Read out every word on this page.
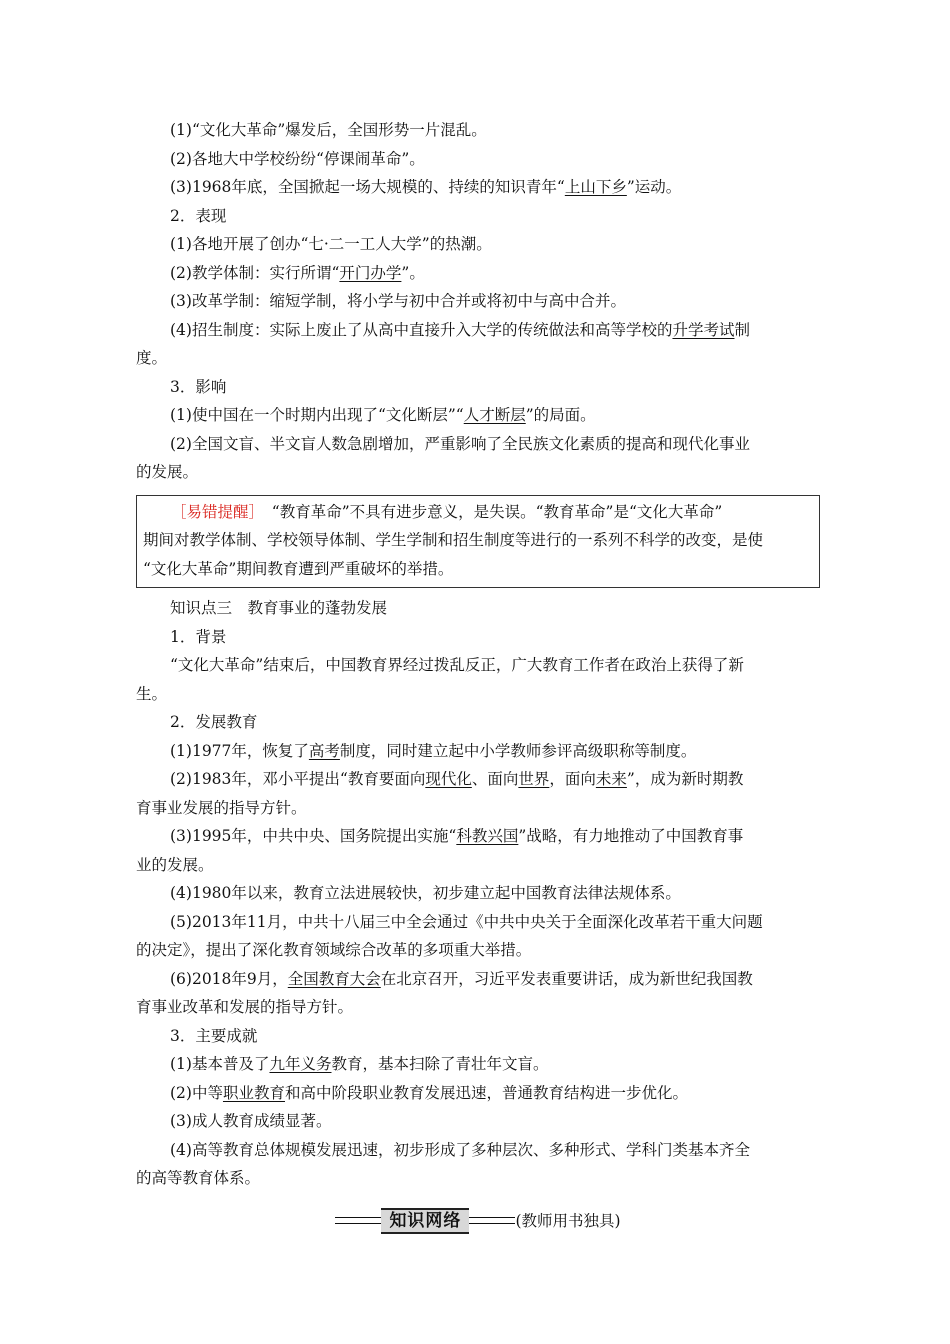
(1)“文化大革命”爆发后，全国形势一片混乱。
(2)各地大中学校纷纷“停课闹革命”。
(3)1968年底，全国掀起一场大规模的、持续的知识青年“上山下乡”运动。
2．表现
(1)各地开展了创办“七·二一工人大学”的热潮。
(2)教学体制：实行所谓“开门办学”。
(3)改革学制：缩短学制，将小学与初中合并或将初中与高中合并。
(4)招生制度：实际上废止了从高中直接升入大学的传统做法和高等学校的升学考试制
度。
3．影响
(1)使中国在一个时期内出现了“文化断层”“人才断层”的局面。
(2)全国文盲、半文盲人数急剧增加，严重影响了全民族文化素质的提高和现代化事业
的发展。
［易错提醒］　 “教育革命”不具有进步意义，是失误。“教育革命”是“文化大革命”
期间对教学体制、学校领导体制、学生学制和招生制度等进行的一系列不科学的改变，是使
“文化大革命”期间教育遭到严重破坏的举措。
知识点三　教育事业的蓬勃发展
1．背景
“文化大革命”结束后，中国教育界经过拨乱反正，广大教育工作者在政治上获得了新
生。
2．发展教育
(1)1977年，恢复了高考制度，同时建立起中小学教师参评高级职称等制度。
(2)1983年，邓小平提出“教育要面向现代化、面向世界，面向未来”，成为新时期教
育事业发展的指导方针。
(3)1995年，中共中央、国务院提出实施“科教兴国”战略，有力地推动了中国教育事
业的发展。
(4)1980年以来，教育立法进展较快，初步建立起中国教育法律法规体系。
(5)2013年11月，中共十八届三中全会通过《中共中央关于全面深化改革若干重大问题
的决定》，提出了深化教育领域综合改革的多项重大举措。
(6)2018年9月，全国教育大会在北京召开，习近平发表重要讲话，成为新世纪我国教
育事业改革和发展的指导方针。
3．主要成就
(1)基本普及了九年义务教育，基本扫除了青壮年文盲。
(2)中等职业教育和高中阶段职业教育发展迅速，普通教育结构进一步优化。
(3)成人教育成绩显著。
(4)高等教育总体规模发展迅速，初步形成了多种层次、多种形式、学科门类基本齐全
的高等教育体系。
知识网络	(教师用书独具)
